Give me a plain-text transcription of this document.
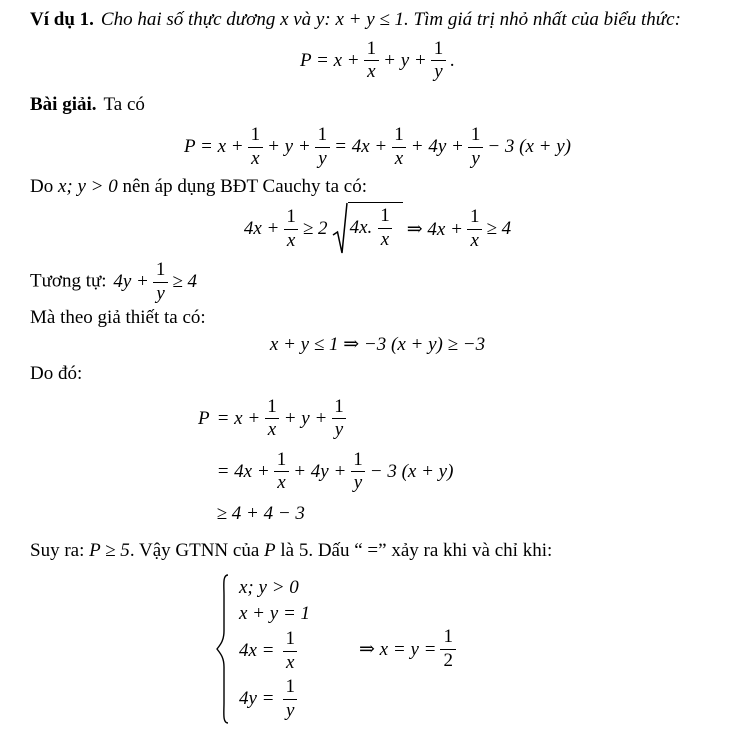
Ví dụ 1. Cho hai số thực dương x và y: x + y ≤ 1. Tìm giá trị nhỏ nhất của biểu thức:

$P = x + \frac{1}{x} + y + \frac{1}{y}$ .

Bài giải. Ta có

$P = x + \frac{1}{x} + y + \frac{1}{y} = 4x + \frac{1}{x} + 4y + \frac{1}{y} - 3$ (x + y)

Do x; y > 0 nên áp dụng BĐT Cauchy ta có:

$4x + \frac{1}{x} \ge 2$ 4x. $\frac{1}{x}$ ⇒ $4x + \frac{1}{x} \ge 4$

Tương tự: $4y + \frac{1}{y} \ge 4$

Mà theo giả thiết ta có:

x + y ≤ 1 ⇒ −3 (x + y) ≥ −3

Do đó:

$P = x + \frac{1}{x} + y + \frac{1}{y}$
= $4x + \frac{1}{x} + 4y + \frac{1}{y} - 3$ (x + y)
≥ 4 + 4 − 3

Suy ra: P ≥ 5. Vậy GTNN của P là 5. Dấu “ =” xảy ra khi và chỉ khi:

x; y > 0
x + y = 1
$4x = \frac{1}{x}$
$4y = \frac{1}{y}$
⇒ $x = y = \frac{1}{2}$
